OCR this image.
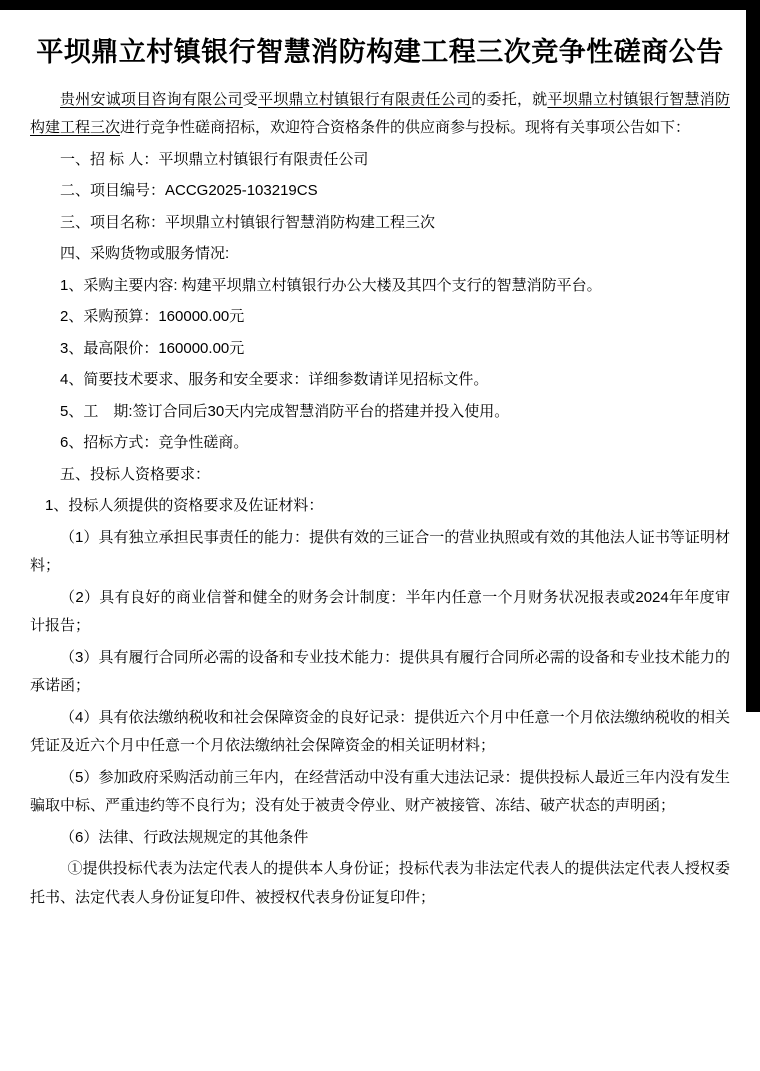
平坝鼎立村镇银行智慧消防构建工程三次竞争性磋商公告

贵州安诚项目咨询有限公司受平坝鼎立村镇银行有限责任公司的委托，就平坝鼎立村镇银行智慧消防构建工程三次进行竞争性磋商招标，欢迎符合资格条件的供应商参与投标。现将有关事项公告如下：

一、招 标 人：平坝鼎立村镇银行有限责任公司

二、项目编号：ACCG2025-103219CS

三、项目名称：平坝鼎立村镇银行智慧消防构建工程三次

四、采购货物或服务情况:

1、采购主要内容: 构建平坝鼎立村镇银行办公大楼及其四个支行的智慧消防平台。

2、采购预算：160000.00元

3、最高限价：160000.00元

4、简要技术要求、服务和安全要求：详细参数请详见招标文件。

5、工　期:签订合同后30天内完成智慧消防平台的搭建并投入使用。

6、招标方式：竞争性磋商。

五、投标人资格要求：

1、投标人须提供的资格要求及佐证材料：

（1）具有独立承担民事责任的能力：提供有效的三证合一的营业执照或有效的其他法人证书等证明材料；

（2）具有良好的商业信誉和健全的财务会计制度：半年内任意一个月财务状况报表或2024年年度审计报告；

（3）具有履行合同所必需的设备和专业技术能力：提供具有履行合同所必需的设备和专业技术能力的承诺函；

（4）具有依法缴纳税收和社会保障资金的良好记录：提供近六个月中任意一个月依法缴纳税收的相关凭证及近六个月中任意一个月依法缴纳社会保障资金的相关证明材料；

（5）参加政府采购活动前三年内，在经营活动中没有重大违法记录：提供投标人最近三年内没有发生骗取中标、严重违约等不良行为；没有处于被责令停业、财产被接管、冻结、破产状态的声明函；

（6）法律、行政法规规定的其他条件

①提供投标代表为法定代表人的提供本人身份证；投标代表为非法定代表人的提供法定代表人授权委托书、法定代表人身份证复印件、被授权代表身份证复印件；
